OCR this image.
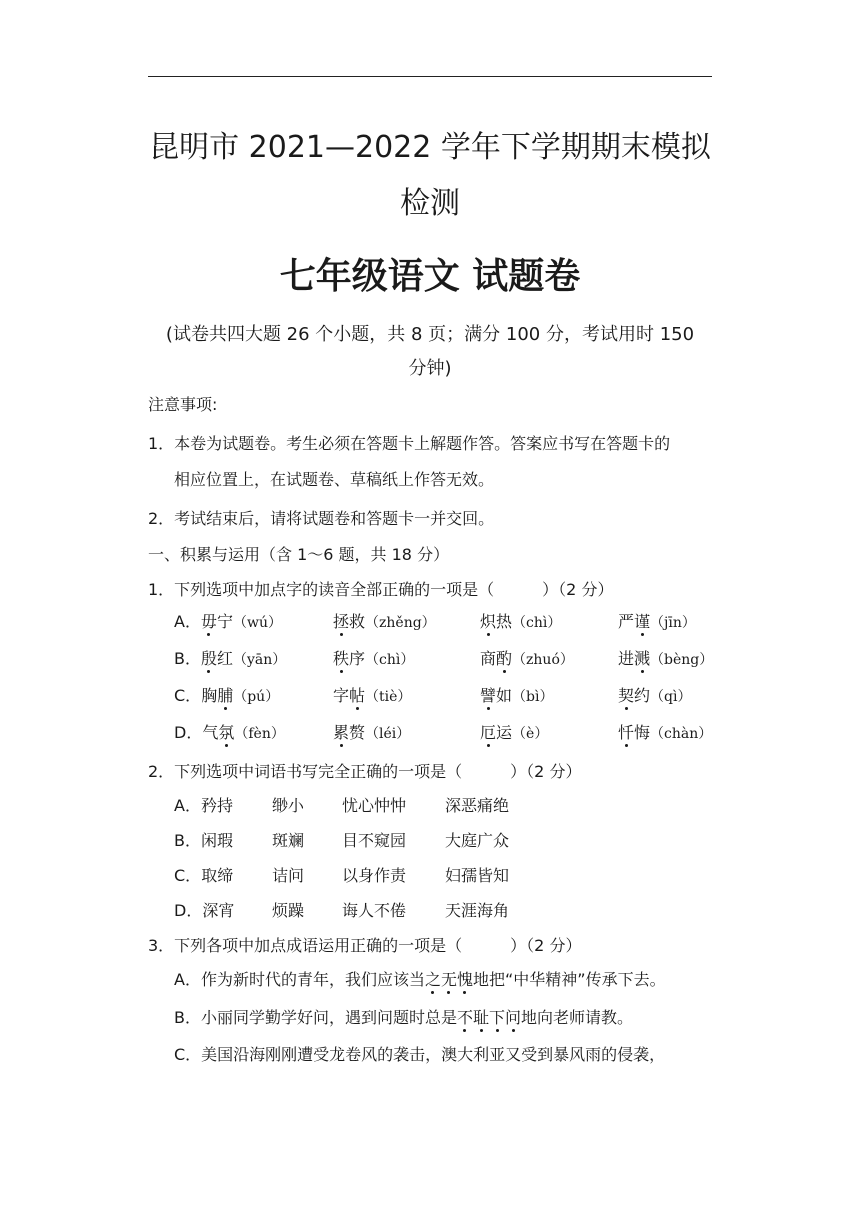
昆明市 2021—2022 学年下学期期末模拟
检测
七年级语文 试题卷
(试卷共四大题 26 个小题，共 8 页；满分 100 分，考试用时 150
分钟)
注意事项:
1．本卷为试题卷。考生必须在答题卡上解题作答。答案应书写在答题卡的
相应位置上，在试题卷、草稿纸上作答无效。
2．考试结束后，请将试题卷和答题卡一并交回。
一、积累与运用（含 1～6 题，共 18 分）
1．下列选项中加点字的读音全部正确的一项是（　　　）（2 分）
A．毋宁（wú）	拯救（zhěng）	炽热（chì）	严谨（jīn）
B．殷红（yān）	秩序（chì）	商酌（zhuó）	进溅（bèng）
C．胸脯（pú）	字帖（tiè）	譬如（bì）	契约（qì）
D．气氛（fèn）	累赘（léi）	厄运（è）	忏悔（chàn）
2．下列选项中词语书写完全正确的一项是（　　　）（2 分）
A．矜持 缈小 忧心忡忡 深恶痛绝
B．闲瑕 斑斓 目不窥园 大庭广众
C．取缔 诘问 以身作责 妇孺皆知
D．深宵 烦躁 诲人不倦 天涯海角
3．下列各项中加点成语运用正确的一项是（　　　）（2 分）
A．作为新时代的青年，我们应该当之无愧地把“中华精神”传承下去。
B．小丽同学勤学好问，遇到问题时总是不耻下问地向老师请教。
C．美国沿海刚刚遭受龙卷风的袭击，澳大利亚又受到暴风雨的侵袭，
